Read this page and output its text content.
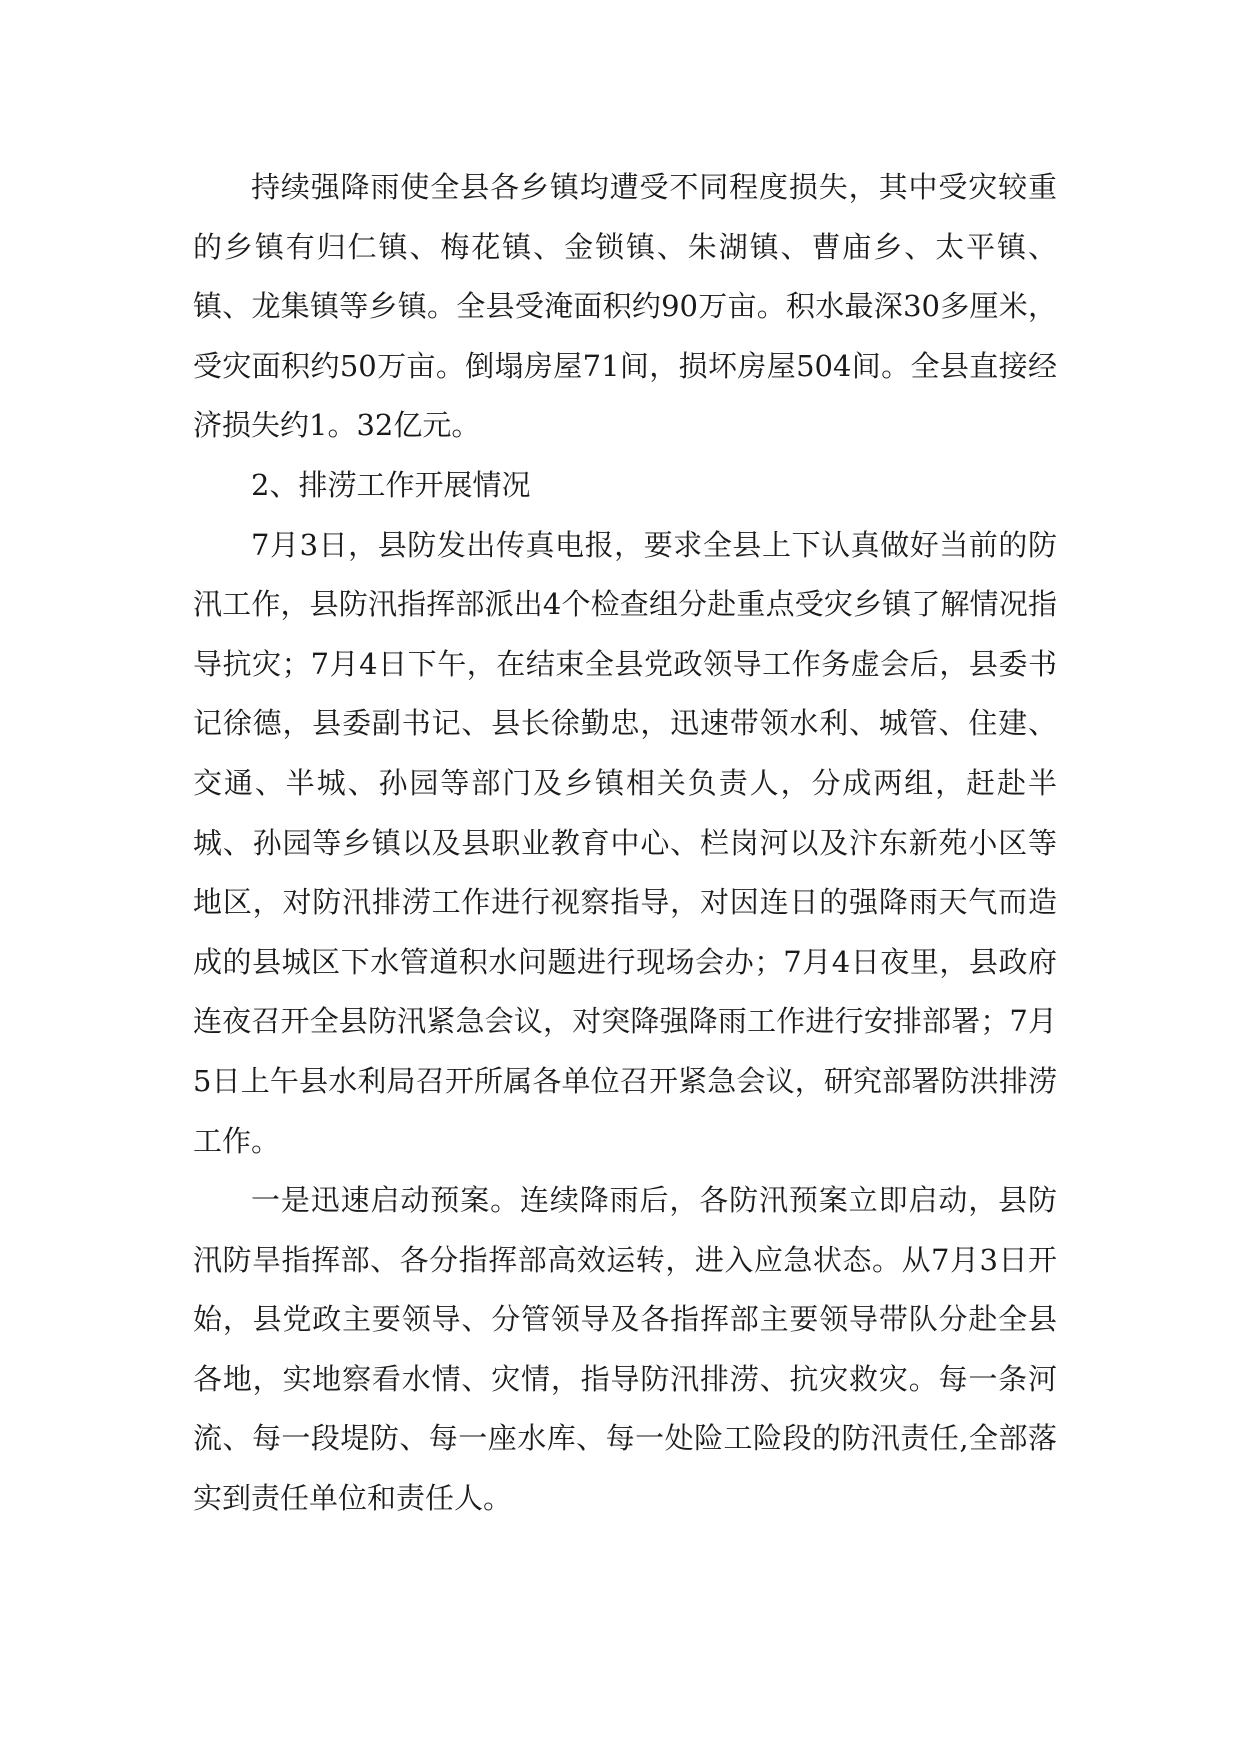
持续强降雨使全县各乡镇均遭受不同程度损失，其中受灾较重的乡镇有归仁镇、梅花镇、金锁镇、朱湖镇、曹庙乡、太平镇、镇、龙集镇等乡镇。全县受淹面积约90万亩。积水最深30多厘米，受灾面积约50万亩。倒塌房屋71间，损坏房屋504间。全县直接经济损失约1。32亿元。

2、排涝工作开展情况

7月3日，县防发出传真电报，要求全县上下认真做好当前的防汛工作，县防汛指挥部派出4个检查组分赴重点受灾乡镇了解情况指导抗灾；7月4日下午，在结束全县党政领导工作务虚会后，县委书记徐德，县委副书记、县长徐勤忠，迅速带领水利、城管、住建、交通、半城、孙园等部门及乡镇相关负责人，分成两组，赶赴半城、孙园等乡镇以及县职业教育中心、栏岗河以及汴东新苑小区等地区，对防汛排涝工作进行视察指导，对因连日的强降雨天气而造成的县城区下水管道积水问题进行现场会办；7月4日夜里，县政府连夜召开全县防汛紧急会议，对突降强降雨工作进行安排部署；7月5日上午县水利局召开所属各单位召开紧急会议，研究部署防洪排涝工作。

一是迅速启动预案。连续降雨后，各防汛预案立即启动，县防汛防旱指挥部、各分指挥部高效运转，进入应急状态。从7月3日开始，县党政主要领导、分管领导及各指挥部主要领导带队分赴全县各地，实地察看水情、灾情，指导防汛排涝、抗灾救灾。每一条河流、每一段堤防、每一座水库、每一处险工险段的防汛责任,全部落实到责任单位和责任人。
